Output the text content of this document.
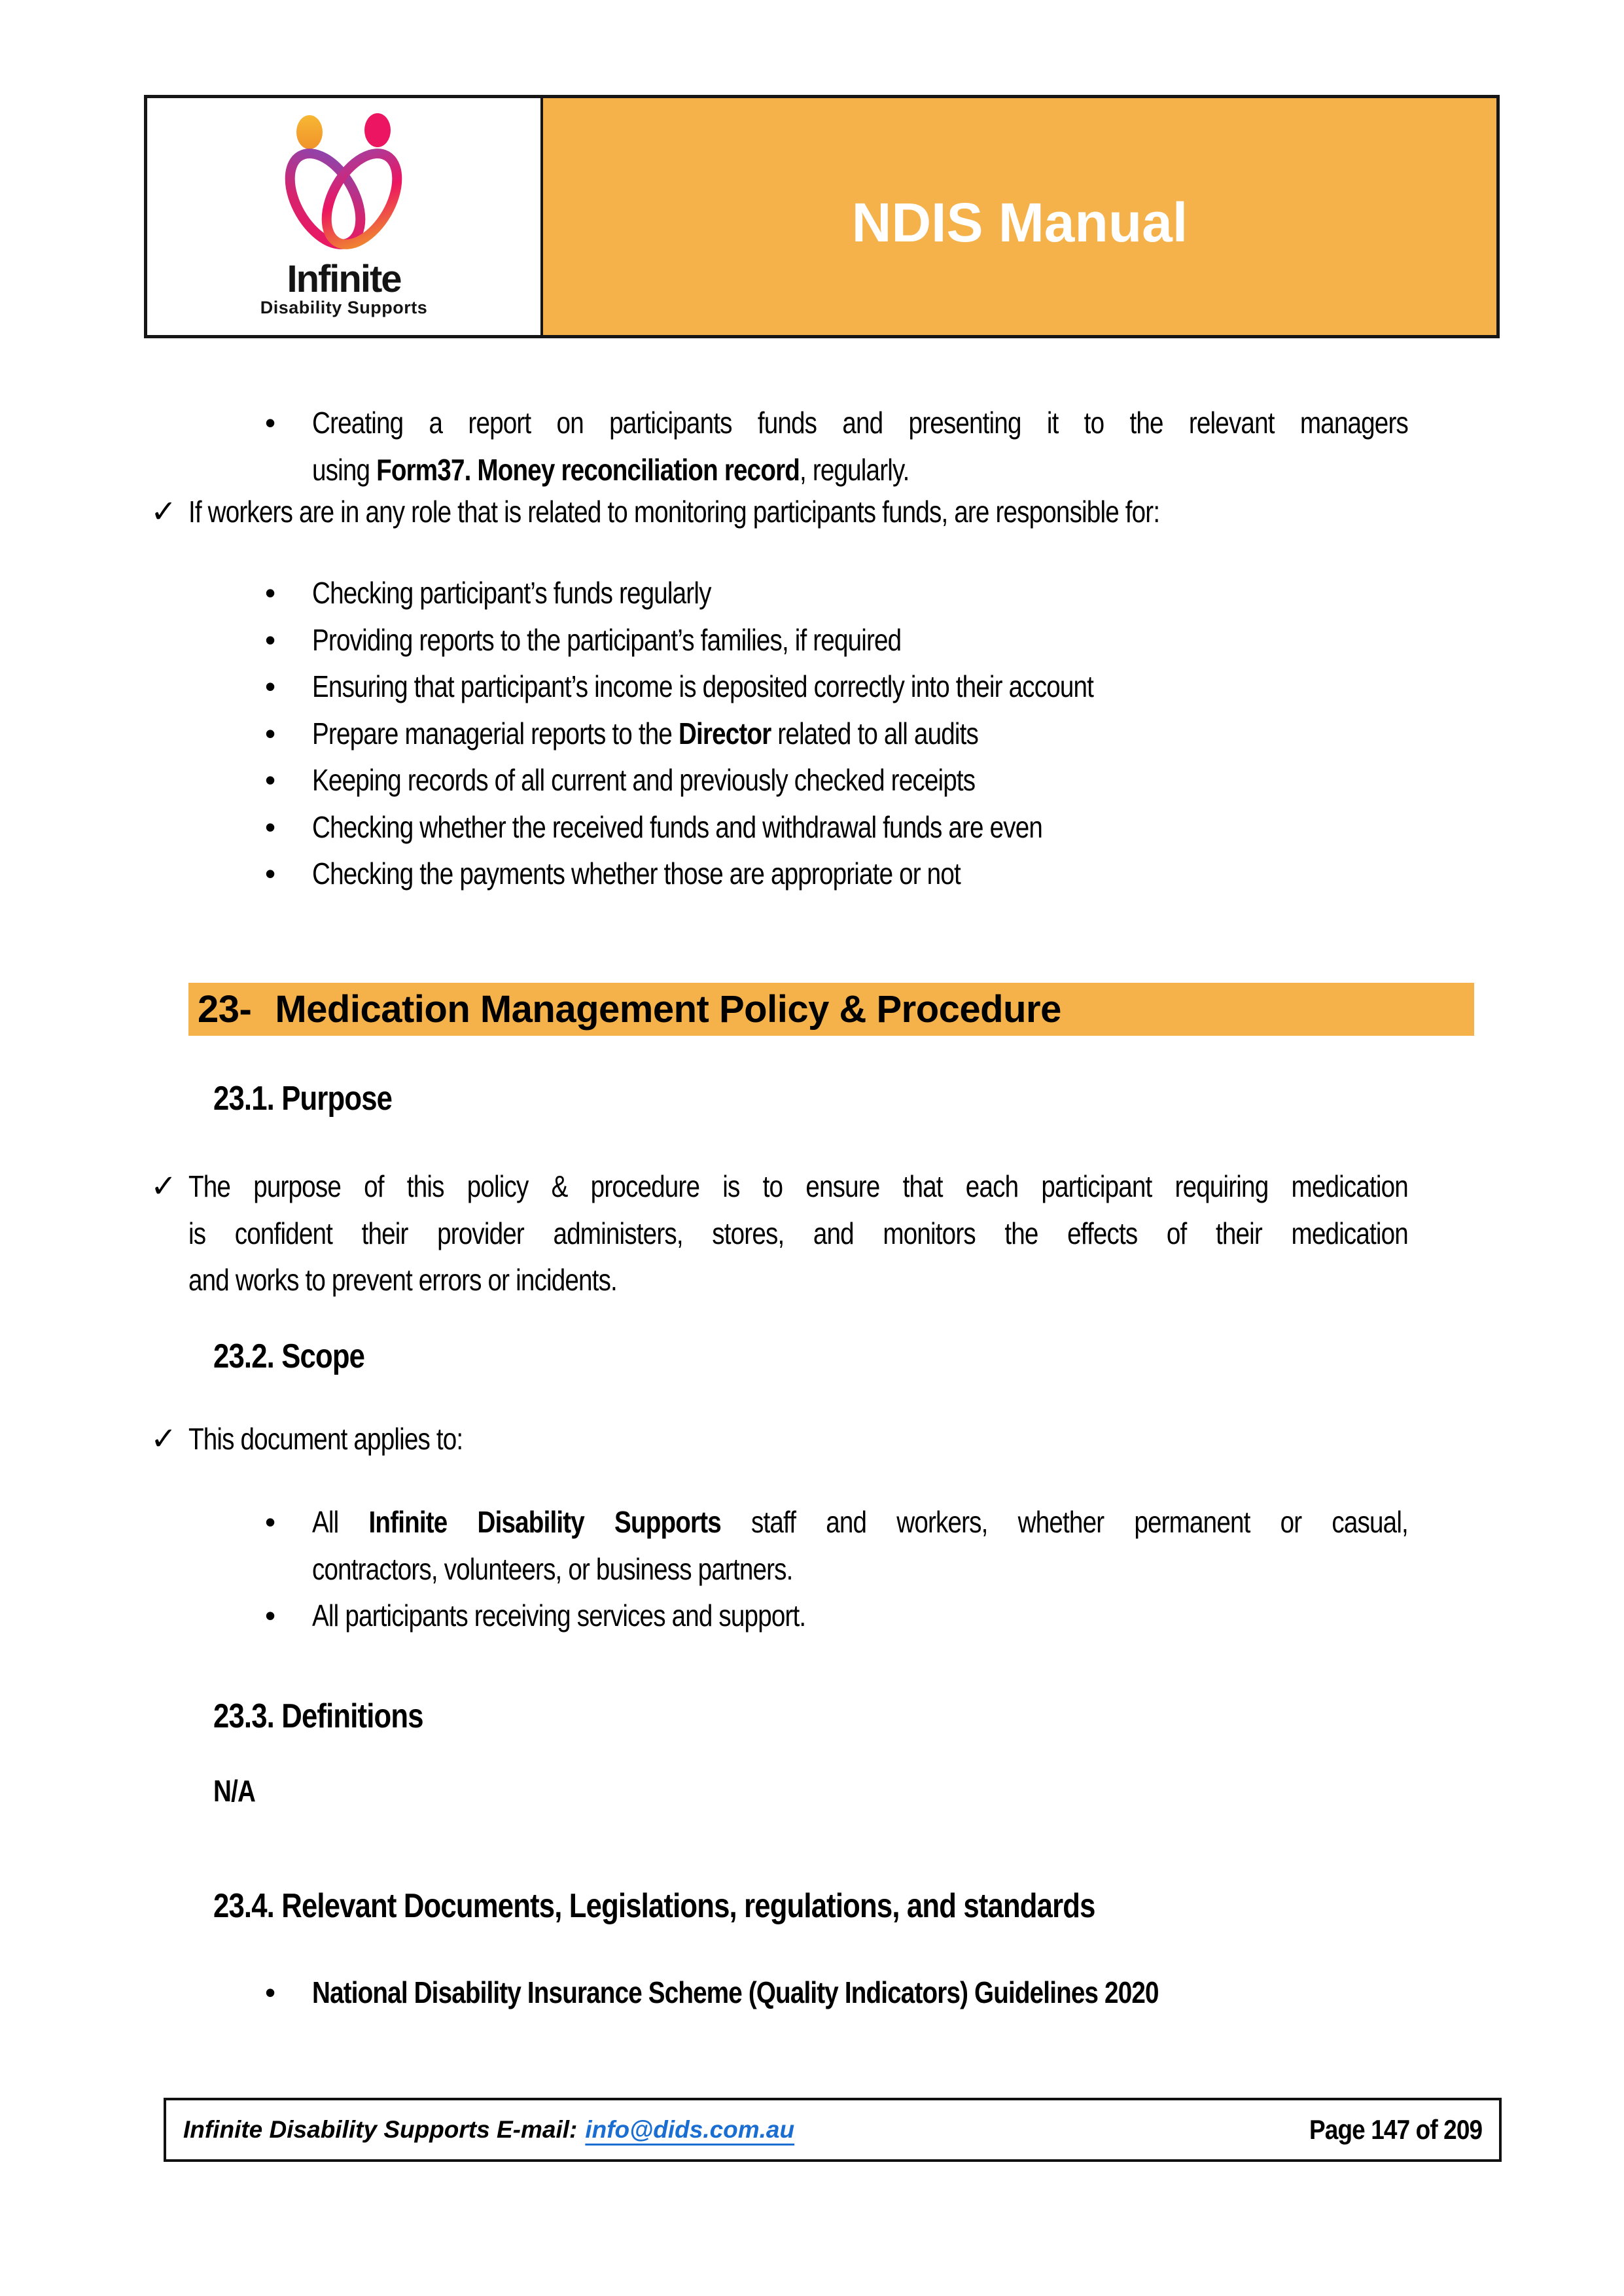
Infinite
Disability Supports
NDIS Manual
•	Creating a report on participants funds and presenting it to the relevant managers
using Form37. Money reconciliation record, regularly.
✓ If workers are in any role that is related to monitoring participants funds, are responsible for:
•	Checking participant’s funds regularly
•	Providing reports to the participant’s families, if required
•	Ensuring that participant’s income is deposited correctly into their account
•	Prepare managerial reports to the Director related to all audits
•	Keeping records of all current and previously checked receipts
•	Checking whether the received funds and withdrawal funds are even
•	Checking the payments whether those are appropriate or not
23- Medication Management Policy & Procedure
23.1. Purpose
✓ The purpose of this policy & procedure is to ensure that each participant requiring medication
is confident their provider administers, stores, and monitors the effects of their medication
and works to prevent errors or incidents.
23.2. Scope
✓ This document applies to:
•	All Infinite Disability Supports staff and workers, whether permanent or casual,
contractors, volunteers, or business partners.
•	All participants receiving services and support.
23.3. Definitions
N/A
23.4. Relevant Documents, Legislations, regulations, and standards
•	National Disability Insurance Scheme (Quality Indicators) Guidelines 2020
Infinite Disability Supports E-mail: info@dids.com.au	Page 147 of 209
